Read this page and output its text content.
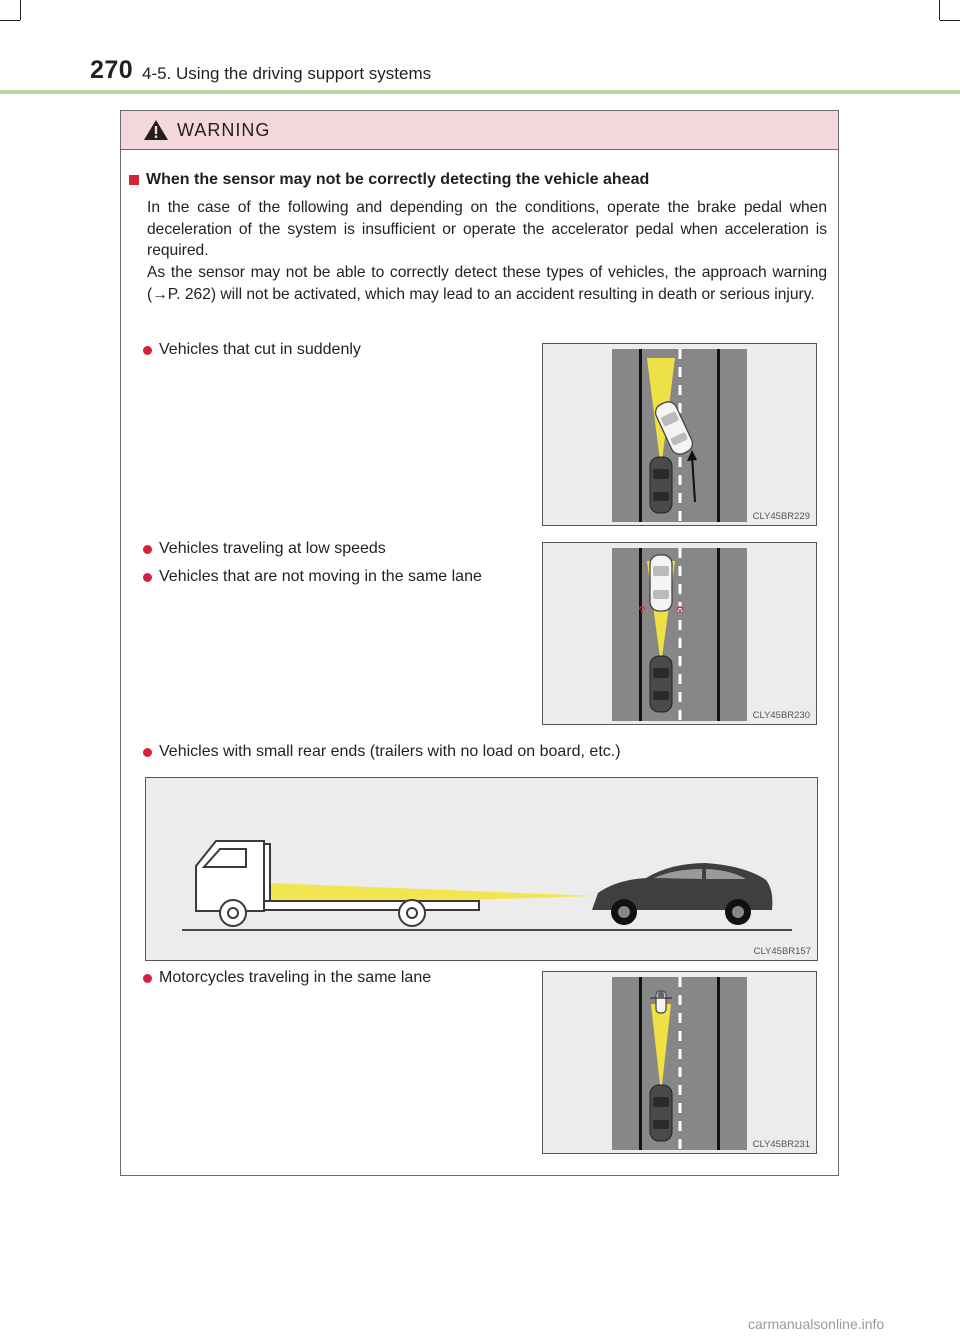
270 4-5. Using the driving support systems
WARNING
When the sensor may not be correctly detecting the vehicle ahead
In the case of the following and depending on the conditions, operate the brake pedal when deceleration of the system is insufficient or operate the accelerator pedal when acceleration is required.
As the sensor may not be able to correctly detect these types of vehicles, the approach warning (→P. 262) will not be activated, which may lead to an accident resulting in death or serious injury.
Vehicles that cut in suddenly
Vehicles traveling at low speeds
Vehicles that are not moving in the same lane
Vehicles with small rear ends (trailers with no load on board, etc.)
Motorcycles traveling in the same lane
CLY45BR229
CLY45BR230
CLY45BR157
CLY45BR231
carmanualsonline.info
